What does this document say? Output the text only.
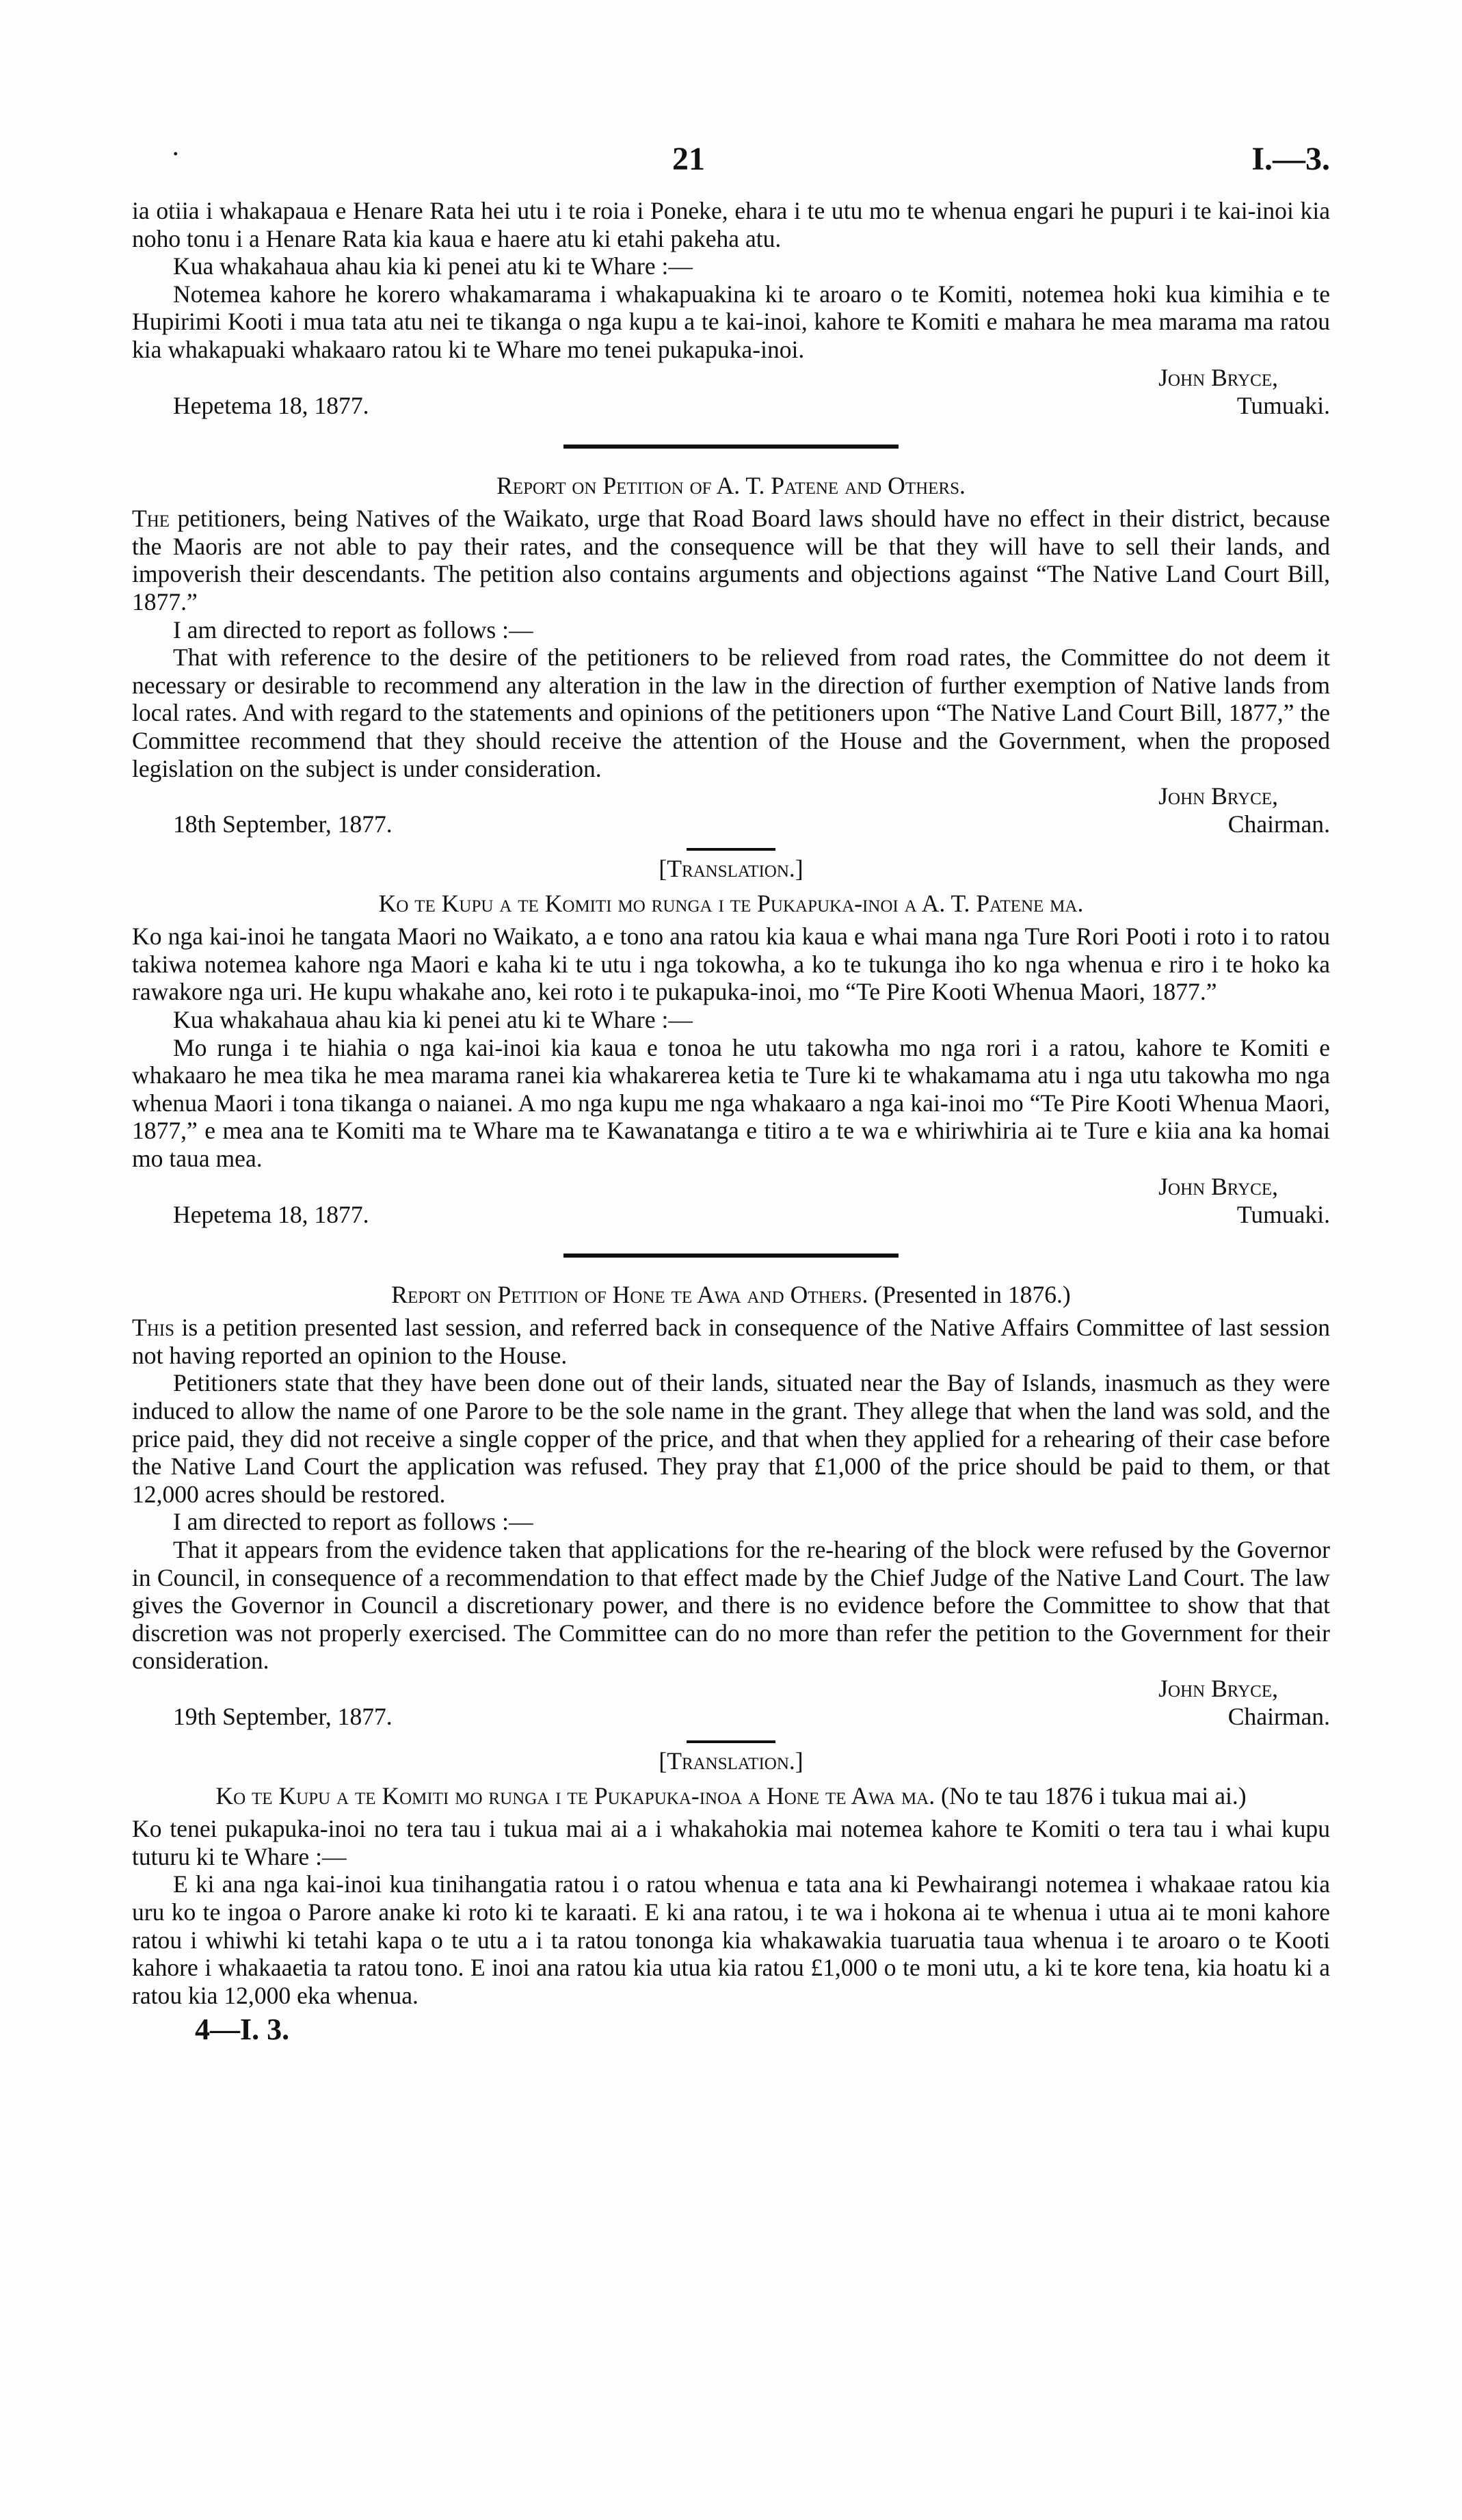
.	21	I.—3.

ia otiia i whakapaua e Henare Rata hei utu i te roia i Poneke, ehara i te utu mo te whenua engari he pupuri i te kai-inoi kia noho tonu i a Henare Rata kia kaua e haere atu ki etahi pakeha atu.

Kua whakahaua ahau kia ki penei atu ki te Whare :—

Notemea kahore he korero whakamarama i whakapuakina ki te aroaro o te Komiti, notemea hoki kua kimihia e te Hupirimi Kooti i mua tata atu nei te tikanga o nga kupu a te kai-inoi, kahore te Komiti e mahara he mea marama ma ratou kia whakapuaki whakaaro ratou ki te Whare mo tenei pukapuka-inoi.

John Bryce,
Tumuaki.
Hepetema 18, 1877.
Report on Petition of A. T. Patene and Others.

The petitioners, being Natives of the Waikato, urge that Road Board laws should have no effect in their district, because the Maoris are not able to pay their rates, and the consequence will be that they will have to sell their lands, and impoverish their descendants. The petition also contains arguments and objections against “The Native Land Court Bill, 1877.”

I am directed to report as follows :—

That with reference to the desire of the petitioners to be relieved from road rates, the Committee do not deem it necessary or desirable to recommend any alteration in the law in the direction of further exemption of Native lands from local rates. And with regard to the statements and opinions of the petitioners upon “The Native Land Court Bill, 1877,” the Committee recommend that they should receive the attention of the House and the Government, when the proposed legislation on the subject is under consideration.

John Bryce,
Chairman.
18th September, 1877.
[Translation.]
Ko te Kupu a te Komiti mo runga i te Pukapuka-inoi a A. T. Patene ma.

Ko nga kai-inoi he tangata Maori no Waikato, a e tono ana ratou kia kaua e whai mana nga Ture Rori Pooti i roto i to ratou takiwa notemea kahore nga Maori e kaha ki te utu i nga tokowha, a ko te tukunga iho ko nga whenua e riro i te hoko ka rawakore nga uri. He kupu whakahe ano, kei roto i te pukapuka-inoi, mo “Te Pire Kooti Whenua Maori, 1877.”

Kua whakahaua ahau kia ki penei atu ki te Whare :—

Mo runga i te hiahia o nga kai-inoi kia kaua e tonoa he utu takowha mo nga rori i a ratou, kahore te Komiti e whakaaro he mea tika he mea marama ranei kia whakarerea ketia te Ture ki te whakamama atu i nga utu takowha mo nga whenua Maori i tona tikanga o naianei. A mo nga kupu me nga whakaaro a nga kai-inoi mo “Te Pire Kooti Whenua Maori, 1877,” e mea ana te Komiti ma te Whare ma te Kawanatanga e titiro a te wa e whiriwhiria ai te Ture e kiia ana ka homai mo taua mea.

John Bryce,
Tumuaki.
Hepetema 18, 1877.
Report on Petition of Hone te Awa and Others. (Presented in 1876.)

This is a petition presented last session, and referred back in consequence of the Native Affairs Committee of last session not having reported an opinion to the House.

Petitioners state that they have been done out of their lands, situated near the Bay of Islands, inasmuch as they were induced to allow the name of one Parore to be the sole name in the grant. They allege that when the land was sold, and the price paid, they did not receive a single copper of the price, and that when they applied for a rehearing of their case before the Native Land Court the application was refused. They pray that £1,000 of the price should be paid to them, or that 12,000 acres should be restored.

I am directed to report as follows :—

That it appears from the evidence taken that applications for the re-hearing of the block were refused by the Governor in Council, in consequence of a recommendation to that effect made by the Chief Judge of the Native Land Court. The law gives the Governor in Council a discretionary power, and there is no evidence before the Committee to show that that discretion was not properly exercised. The Committee can do no more than refer the petition to the Government for their consideration.

John Bryce,
Chairman.
19th September, 1877.
[Translation.]
Ko te Kupu a te Komiti mo runga i te Pukapuka-inoa a Hone te Awa ma. (No te tau 1876 i tukua mai ai.)

Ko tenei pukapuka-inoi no tera tau i tukua mai ai a i whakahokia mai notemea kahore te Komiti o tera tau i whai kupu tuturu ki te Whare :—

E ki ana nga kai-inoi kua tinihangatia ratou i o ratou whenua e tata ana ki Pewhairangi notemea i whakaae ratou kia uru ko te ingoa o Parore anake ki roto ki te karaati. E ki ana ratou, i te wa i hokona ai te whenua i utua ai te moni kahore ratou i whiwhi ki tetahi kapa o te utu a i ta ratou tononga kia whakawakia tuaruatia taua whenua i te aroaro o te Kooti kahore i whakaaetia ta ratou tono. E inoi ana ratou kia utua kia ratou £1,000 o te moni utu, a ki te kore tena, kia hoatu ki a ratou kia 12,000 eka whenua.

4—I. 3.
